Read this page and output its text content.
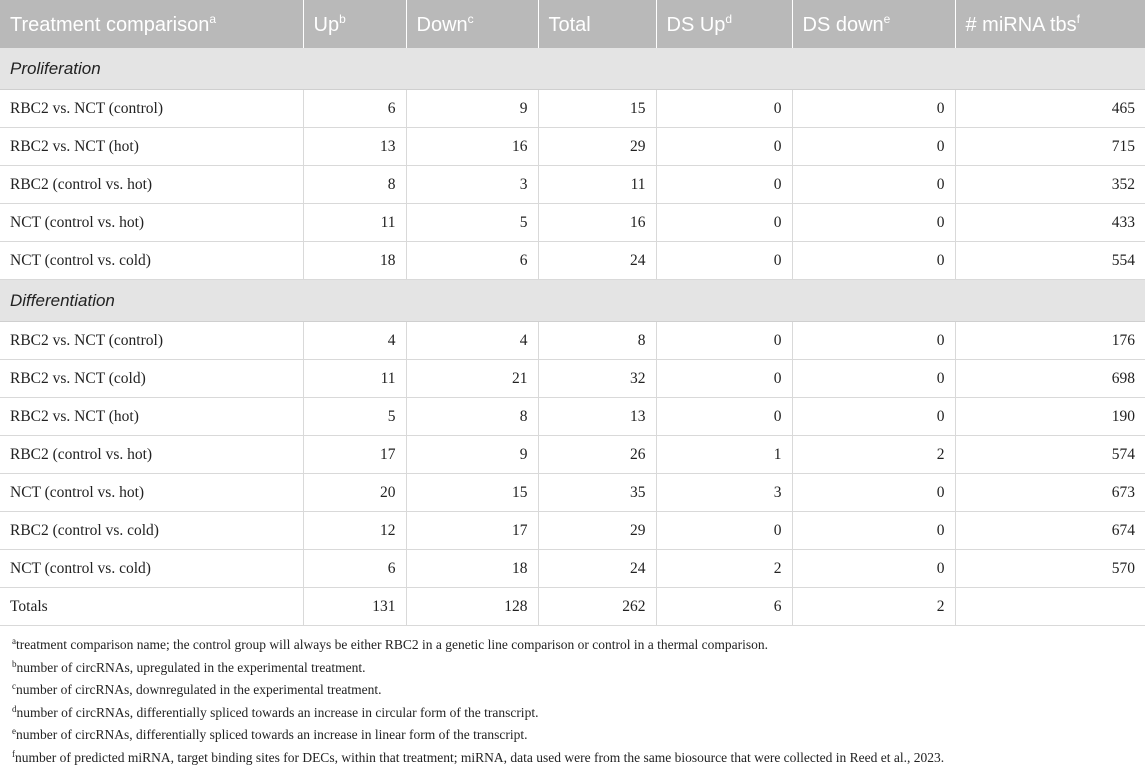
Treatment comparison$^a$	Up$^b$	Down$^c$	Total	DS Up$^d$	DS down$^e$	# miRNA tbs$^f$
Proliferation						
RBC2 vs. NCT (control)	6	9	15	0	0	465
RBC2 vs. NCT (hot)	13	16	29	0	0	715
RBC2 (control vs. hot)	8	3	11	0	0	352
NCT (control vs. hot)	11	5	16	0	0	433
NCT (control vs. cold)	18	6	24	0	0	554
Differentiation						
RBC2 vs. NCT (control)	4	4	8	0	0	176
RBC2 vs. NCT (cold)	11	21	32	0	0	698
RBC2 vs. NCT (hot)	5	8	13	0	0	190
RBC2 (control vs. hot)	17	9	26	1	2	574
NCT (control vs. hot)	20	15	35	3	0	673
RBC2 (control vs. cold)	12	17	29	0	0	674
NCT (control vs. cold)	6	18	24	2	0	570
Totals	131	128	262	6	2	
$^a$treatment comparison name; the control group will always be either RBC2 in a genetic line comparison or control in a thermal comparison.
$^b$number of circRNAs, upregulated in the experimental treatment.
$^c$number of circRNAs, downregulated in the experimental treatment.
$^d$number of circRNAs, differentially spliced towards an increase in circular form of the transcript.
$^e$number of circRNAs, differentially spliced towards an increase in linear form of the transcript.
$^f$number of predicted miRNA, target binding sites for DECs, within that treatment; miRNA, data used were from the same biosource that were collected in Reed et al., 2023.
